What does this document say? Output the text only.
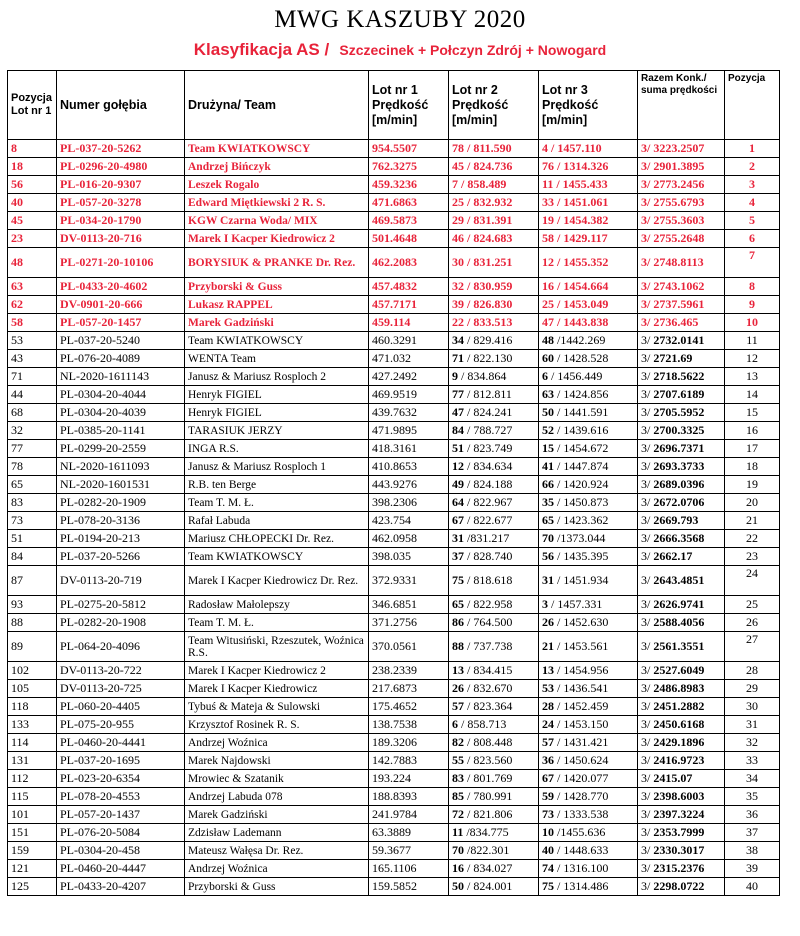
MWG KASZUBY 2020
Klasyfikacja AS / Szczecinek + Połczyn Zdrój + Nowogard
Pozycja Lot nr 1	Numer gołębia	Drużyna/ Team	Lot nr 1 Prędkość [m/min]	Lot nr 2 Prędkość [m/min]	Lot nr 3 Prędkość [m/min]	Razem Konk./ suma prędkości	Pozycja
8	PL-037-20-5262	Team KWIATKOWSCY	954.5507	78 / 811.590	4 / 1457.110	3/ 3223.2507	1
18	PL-0296-20-4980	Andrzej Bińczyk	762.3275	45 / 824.736	76 / 1314.326	3/ 2901.3895	2
56	PL-016-20-9307	Leszek Rogalo	459.3236	7 / 858.489	11 / 1455.433	3/ 2773.2456	3
40	PL-057-20-3278	Edward Miętkiewski 2 R. S.	471.6863	25 / 832.932	33 / 1451.061	3/ 2755.6793	4
45	PL-034-20-1790	KGW Czarna Woda/ MIX	469.5873	29 / 831.391	19 / 1454.382	3/ 2755.3603	5
23	DV-0113-20-716	Marek I Kacper Kiedrowicz 2	501.4648	46 / 824.683	58 / 1429.117	3/ 2755.2648	6
48	PL-0271-20-10106	BORYSIUK & PRANKE Dr. Rez.	462.2083	30 / 831.251	12 / 1455.352	3/ 2748.8113	7
63	PL-0433-20-4602	Przyborski & Guss	457.4832	32 / 830.959	16 / 1454.664	3/ 2743.1062	8
62	DV-0901-20-666	Lukasz RAPPEL	457.7171	39 / 826.830	25 / 1453.049	3/ 2737.5961	9
58	PL-057-20-1457	Marek Gadziński	459.114	22 / 833.513	47 / 1443.838	3/ 2736.465	10
53	PL-037-20-5240	Team KWIATKOWSCY	460.3291	34 / 829.416	48 /1442.269	3/ 2732.0141	11
43	PL-076-20-4089	WENTA Team	471.032	71 / 822.130	60 / 1428.528	3/ 2721.69	12
71	NL-2020-1611143	Janusz & Mariusz Rosploch 2	427.2492	9 / 834.864	6 / 1456.449	3/ 2718.5622	13
44	PL-0304-20-4044	Henryk FIGIEL	469.9519	77 / 812.811	63 / 1424.856	3/ 2707.6189	14
68	PL-0304-20-4039	Henryk FIGIEL	439.7632	47 / 824.241	50 / 1441.591	3/ 2705.5952	15
32	PL-0385-20-1141	TARASIUK JERZY	471.9895	84 / 788.727	52 / 1439.616	3/ 2700.3325	16
77	PL-0299-20-2559	INGA R.S.	418.3161	51 / 823.749	15 / 1454.672	3/ 2696.7371	17
78	NL-2020-1611093	Janusz & Mariusz Rosploch 1	410.8653	12 / 834.634	41 / 1447.874	3/ 2693.3733	18
65	NL-2020-1601531	R.B. ten Berge	443.9276	49 / 824.188	66 / 1420.924	3/ 2689.0396	19
83	PL-0282-20-1909	Team T. M. Ł.	398.2306	64 / 822.967	35 / 1450.873	3/ 2672.0706	20
73	PL-078-20-3136	Rafał Labuda	423.754	67 / 822.677	65 / 1423.362	3/ 2669.793	21
51	PL-0194-20-213	Mariusz CHŁOPECKI Dr. Rez.	462.0958	31 /831.217	70 /1373.044	3/ 2666.3568	22
84	PL-037-20-5266	Team KWIATKOWSCY	398.035	37 / 828.740	56 / 1435.395	3/ 2662.17	23
87	DV-0113-20-719	Marek I Kacper Kiedrowicz Dr. Rez.	372.9331	75 / 818.618	31 / 1451.934	3/ 2643.4851	24
93	PL-0275-20-5812	Radosław Małolepszy	346.6851	65 / 822.958	3 / 1457.331	3/ 2626.9741	25
88	PL-0282-20-1908	Team T. M. Ł.	371.2756	86 / 764.500	26 / 1452.630	3/ 2588.4056	26
89	PL-064-20-4096	Team Witusiński, Rzeszutek, Woźnica R.S.	370.0561	88 / 737.738	21 / 1453.561	3/ 2561.3551	27
102	DV-0113-20-722	Marek I Kacper Kiedrowicz 2	238.2339	13 / 834.415	13 / 1454.956	3/ 2527.6049	28
105	DV-0113-20-725	Marek I Kacper Kiedrowicz	217.6873	26 / 832.670	53 / 1436.541	3/ 2486.8983	29
118	PL-060-20-4405	Tybuś & Mateja & Sulowski	175.4652	57 / 823.364	28 / 1452.459	3/ 2451.2882	30
133	PL-075-20-955	Krzysztof Rosinek R. S.	138.7538	6 / 858.713	24 / 1453.150	3/ 2450.6168	31
114	PL-0460-20-4441	Andrzej Woźnica	189.3206	82 / 808.448	57 / 1431.421	3/ 2429.1896	32
131	PL-037-20-1695	Marek Najdowski	142.7883	55 / 823.560	36 / 1450.624	3/ 2416.9723	33
112	PL-023-20-6354	Mrowiec & Szatanik	193.224	83 / 801.769	67 / 1420.077	3/ 2415.07	34
115	PL-078-20-4553	Andrzej Labuda 078	188.8393	85 / 780.991	59 / 1428.770	3/ 2398.6003	35
101	PL-057-20-1437	Marek Gadziński	241.9784	72 / 821.806	73 / 1333.538	3/ 2397.3224	36
151	PL-076-20-5084	Zdzisław Lademann	63.3889	11 /834.775	10 /1455.636	3/ 2353.7999	37
159	PL-0304-20-458	Mateusz Wałęsa Dr. Rez.	59.3677	70 /822.301	40 / 1448.633	3/ 2330.3017	38
121	PL-0460-20-4447	Andrzej Woźnica	165.1106	16 / 834.027	74 / 1316.100	3/ 2315.2376	39
125	PL-0433-20-4207	Przyborski & Guss	159.5852	50 / 824.001	75 / 1314.486	3/ 2298.0722	40
